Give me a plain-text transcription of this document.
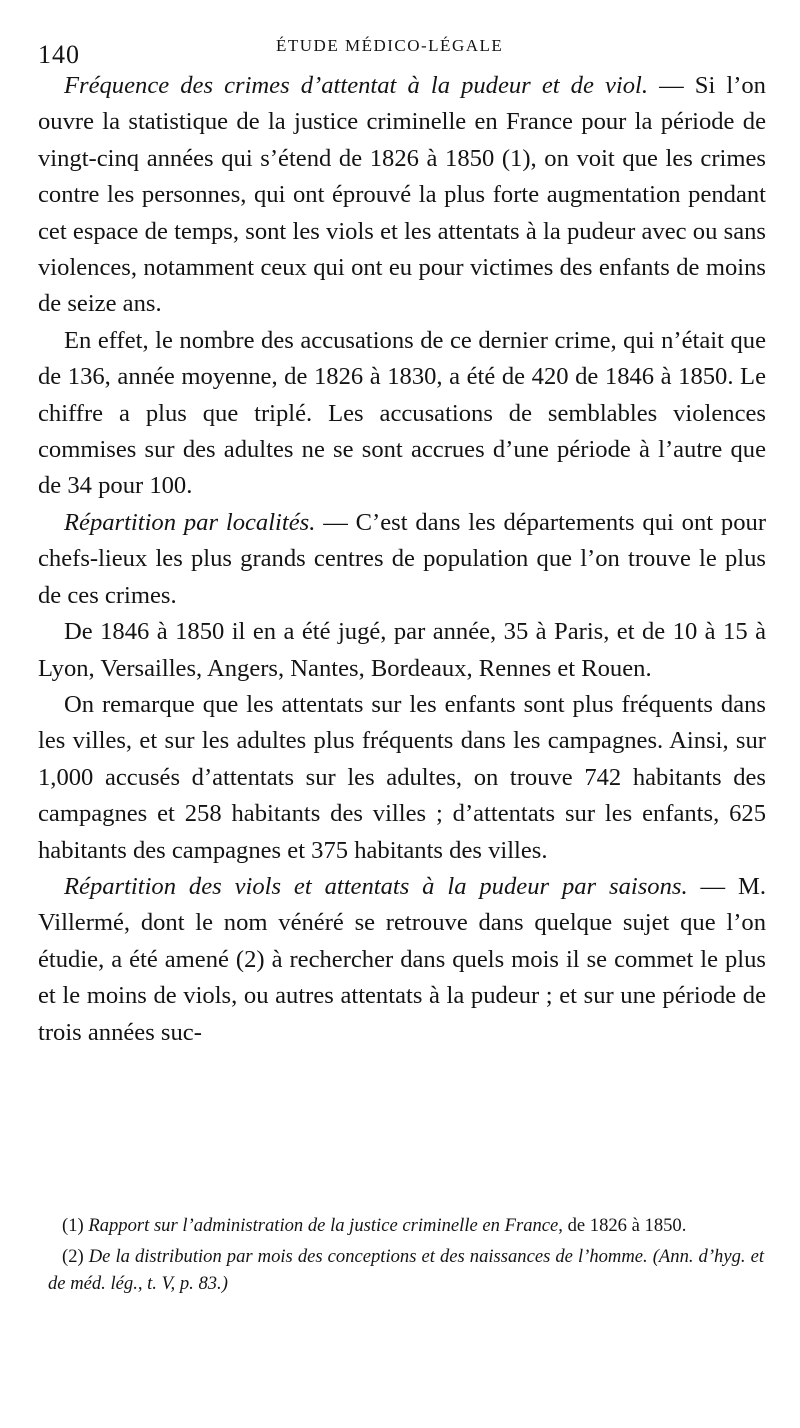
140	ÉTUDE MÉDICO-LÉGALE

Fréquence des crimes d’attentat à la pudeur et de viol. — Si l’on ouvre la statistique de la justice criminelle en France pour la période de vingt-cinq années qui s’étend de 1826 à 1850 (1), on voit que les crimes contre les personnes, qui ont éprouvé la plus forte augmentation pendant cet espace de temps, sont les viols et les attentats à la pudeur avec ou sans violences, notamment ceux qui ont eu pour victimes des enfants de moins de seize ans.

En effet, le nombre des accusations de ce dernier crime, qui n’était que de 136, année moyenne, de 1826 à 1830, a été de 420 de 1846 à 1850. Le chiffre a plus que triplé. Les accusations de semblables violences commises sur des adultes ne se sont accrues d’une période à l’autre que de 34 pour 100.

Répartition par localités. — C’est dans les départements qui ont pour chefs-lieux les plus grands centres de population que l’on trouve le plus de ces crimes.

De 1846 à 1850 il en a été jugé, par année, 35 à Paris, et de 10 à 15 à Lyon, Versailles, Angers, Nantes, Bordeaux, Rennes et Rouen.

On remarque que les attentats sur les enfants sont plus fréquents dans les villes, et sur les adultes plus fréquents dans les campagnes. Ainsi, sur 1,000 accusés d’attentats sur les adultes, on trouve 742 habitants des campagnes et 258 habitants des villes ; d’attentats sur les enfants, 625 habitants des campagnes et 375 habitants des villes.

Répartition des viols et attentats à la pudeur par saisons. — M. Villermé, dont le nom vénéré se retrouve dans quelque sujet que l’on étudie, a été amené (2) à rechercher dans quels mois il se commet le plus et le moins de viols, ou autres attentats à la pudeur ; et sur une période de trois années suc-

(1) Rapport sur l’administration de la justice criminelle en France, de 1826 à 1850.

(2) De la distribution par mois des conceptions et des naissances de l’homme. (Ann. d’hyg. et de méd. lég., t. V, p. 83.)
